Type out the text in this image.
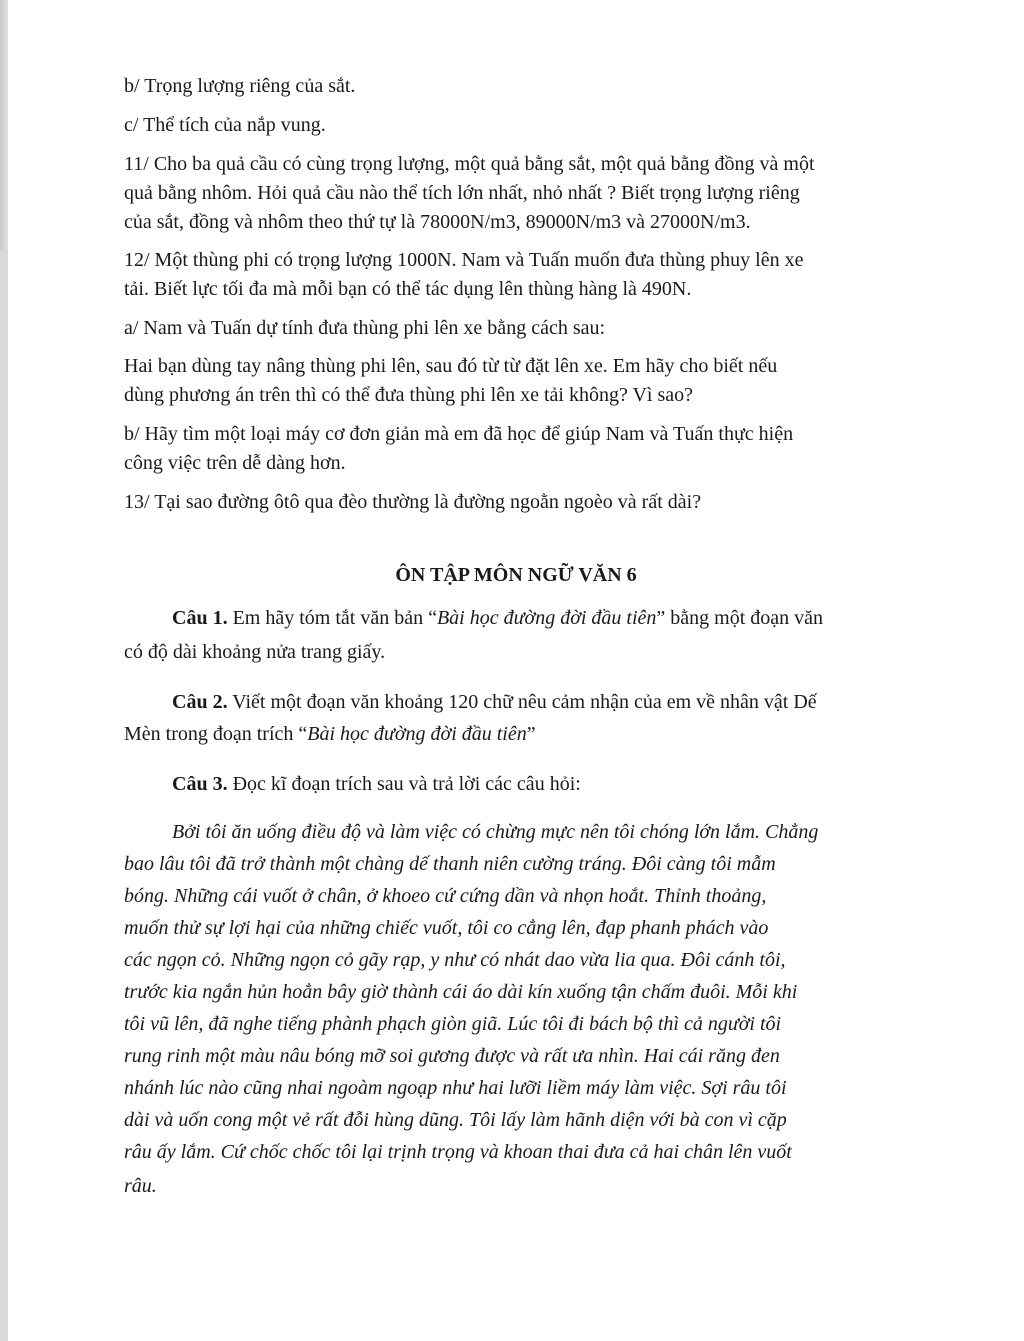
b/ Trọng lượng riêng của sắt.
c/ Thể tích của nắp vung.
11/ Cho ba quả cầu có cùng trọng lượng, một quả bằng sắt, một quả bằng đồng và một
quả bằng nhôm. Hỏi quả cầu nào thể tích lớn nhất, nhỏ nhất ? Biết trọng lượng riêng
của sắt, đồng và nhôm theo thứ tự là 78000N/m3, 89000N/m3 và 27000N/m3.
12/ Một thùng phi có trọng lượng 1000N. Nam và Tuấn muốn đưa thùng phuy lên xe
tải. Biết lực tối đa mà mỗi bạn có thể tác dụng lên thùng hàng là 490N.
a/ Nam và Tuấn dự tính đưa thùng phi lên xe bằng cách sau:
Hai bạn dùng tay nâng thùng phi lên, sau đó từ từ đặt lên xe. Em hãy cho biết nếu
dùng phương án trên thì có thể đưa thùng phi lên xe tải không? Vì sao?
b/ Hãy tìm một loại máy cơ đơn giản mà em đã học để giúp Nam và Tuấn thực hiện
công việc trên dễ dàng hơn.
13/ Tại sao đường ôtô qua đèo thường là đường ngoằn ngoèo và rất dài?
ÔN TẬP MÔN NGỮ VĂN 6
Câu 1. Em hãy tóm tắt văn bản “Bài học đường đời đầu tiên” bằng một đoạn văn
có độ dài khoảng nửa trang giấy.
Câu 2. Viết một đoạn văn khoảng 120 chữ nêu cảm nhận của em về nhân vật Dế
Mèn trong đoạn trích “Bài học đường đời đầu tiên”
Câu 3. Đọc kĩ đoạn trích sau và trả lời các câu hỏi:
Bởi tôi ăn uống điều độ và làm việc có chừng mực nên tôi chóng lớn lắm. Chẳng
bao lâu tôi đã trở thành một chàng dế thanh niên cường tráng. Đôi càng tôi mẫm
bóng. Những cái vuốt ở chân, ở khoeo cứ cứng dần và nhọn hoắt. Thỉnh thoảng,
muốn thử sự lợi hại của những chiếc vuốt, tôi co cẳng lên, đạp phanh phách vào
các ngọn cỏ. Những ngọn cỏ gãy rạp, y như có nhát dao vừa lia qua. Đôi cánh tôi,
trước kia ngắn hủn hoẳn bây giờ thành cái áo dài kín xuống tận chấm đuôi. Mỗi khi
tôi vũ lên, đã nghe tiếng phành phạch giòn giã. Lúc tôi đi bách bộ thì cả người tôi
rung rinh một màu nâu bóng mỡ soi gương được và rất ưa nhìn. Hai cái răng đen
nhánh lúc nào cũng nhai ngoàm ngoạp như hai lưỡi liềm máy làm việc. Sợi râu tôi
dài và uốn cong một vẻ rất đỗi hùng dũng. Tôi lấy làm hãnh diện với bà con vì cặp
râu ấy lắm. Cứ chốc chốc tôi lại trịnh trọng và khoan thai đưa cả hai chân lên vuốt
râu.
